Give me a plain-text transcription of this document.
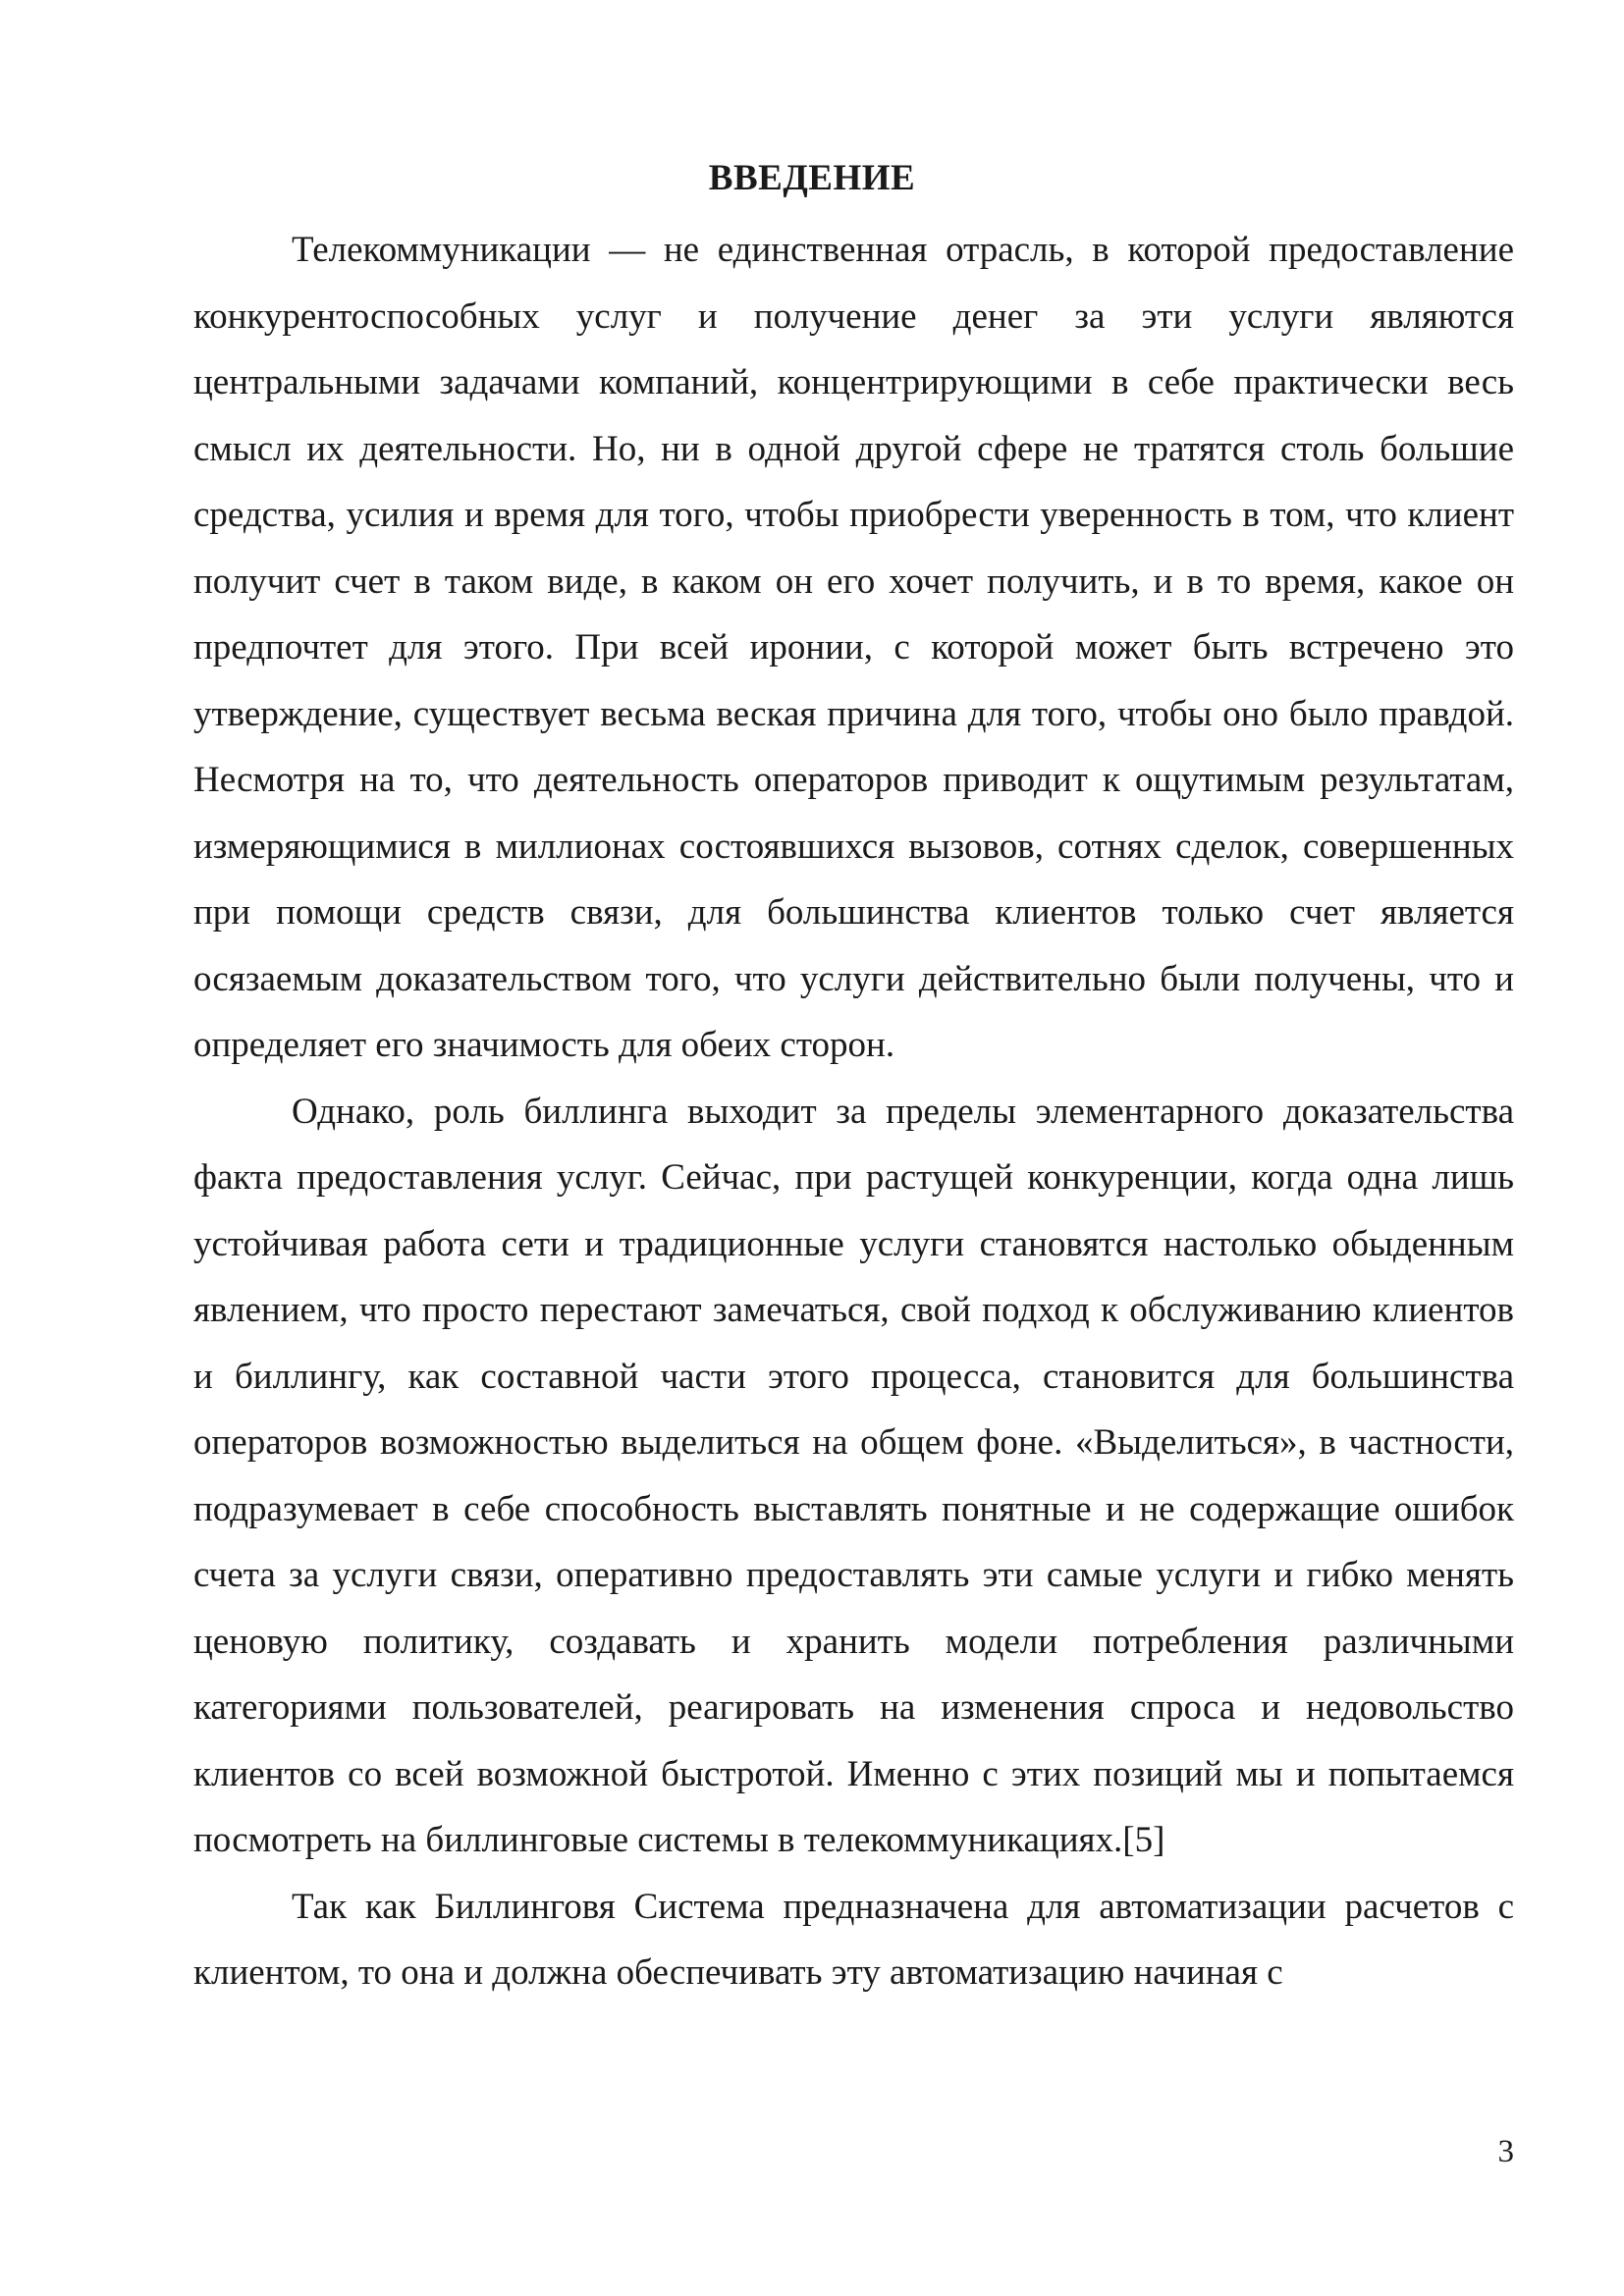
ВВЕДЕНИЕ

Телекоммуникации — не единственная отрасль, в которой предоставление конкурентоспособных услуг и получение денег за эти услуги являются центральными задачами компаний, концентрирующими в себе практически весь смысл их деятельности. Но, ни в одной другой сфере не тратятся столь большие средства, усилия и время для того, чтобы приобрести уверенность в том, что клиент получит счет в таком виде, в каком он его хочет получить, и в то время, какое он предпочтет для этого. При всей иронии, с которой может быть встречено это утверждение, существует весьма веская причина для того, чтобы оно было правдой. Несмотря на то, что деятельность операторов приводит к ощутимым результатам, измеряющимися в миллионах состоявшихся вызовов, сотнях сделок, совершенных при помощи средств связи, для большинства клиентов только счет является осязаемым доказательством того, что услуги действительно были получены, что и определяет его значимость для обеих сторон.

Однако, роль биллинга выходит за пределы элементарного доказательства факта предоставления услуг. Сейчас, при растущей конкуренции, когда одна лишь устойчивая работа сети и традиционные услуги становятся настолько обыденным явлением, что просто перестают замечаться, свой подход к обслуживанию клиентов и биллингу, как составной части этого процесса, становится для большинства операторов возможностью выделиться на общем фоне. «Выделиться», в частности, подразумевает в себе способность выставлять понятные и не содержащие ошибок счета за услуги связи, оперативно предоставлять эти самые услуги и гибко менять ценовую политику, создавать и хранить модели потребления различными категориями пользователей, реагировать на изменения спроса и недовольство клиентов со всей возможной быстротой. Именно с этих позиций мы и попытаемся посмотреть на биллинговые системы в телекоммуникациях.[5]

Так как Биллинговя Система предназначена для автоматизации расчетов с клиентом, то она и должна обеспечивать эту автоматизацию начиная с

3
